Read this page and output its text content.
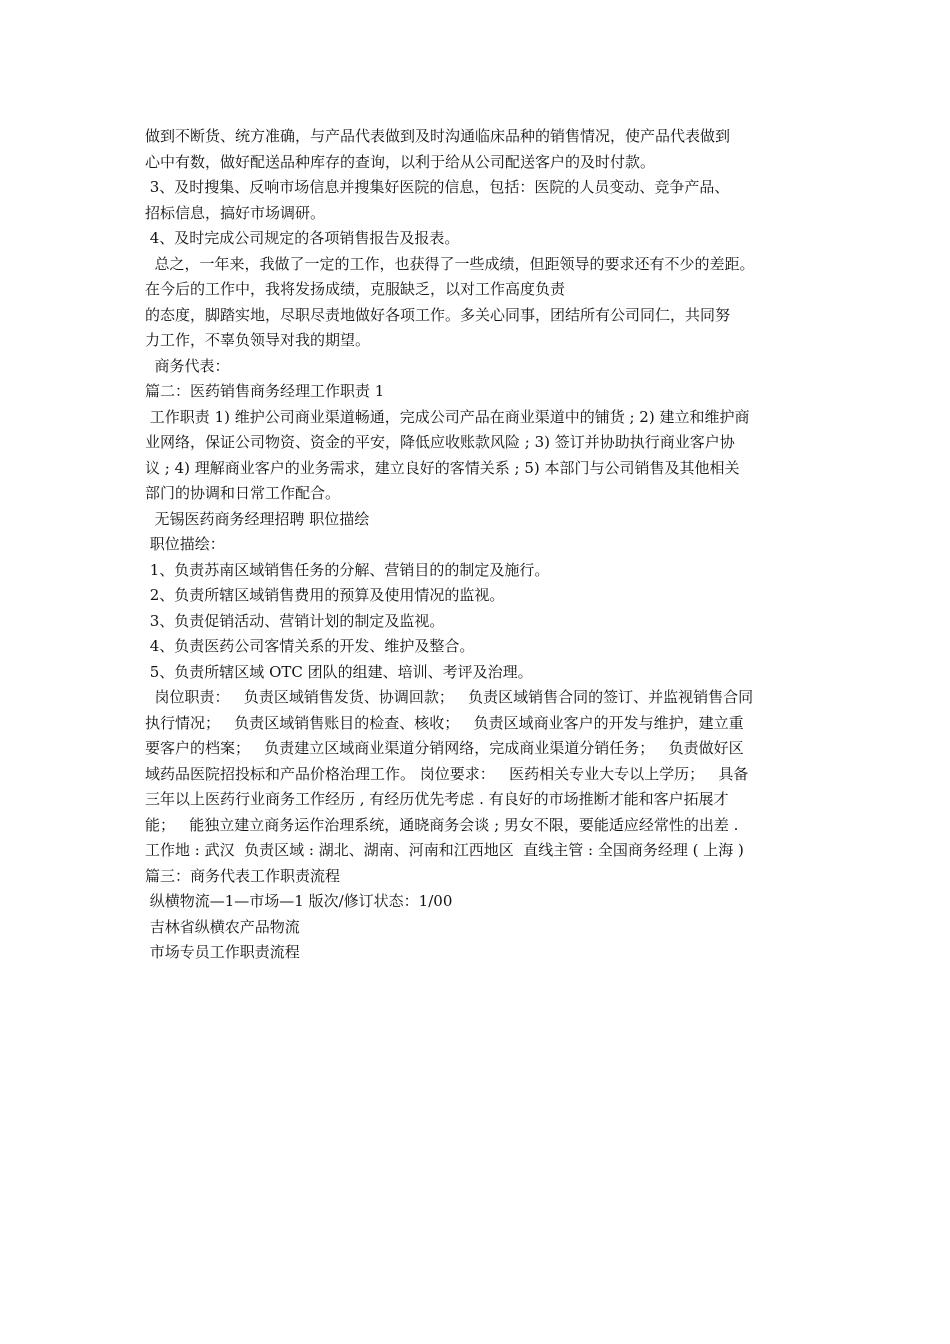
做到不断货、统方准确，与产品代表做到及时沟通临床品种的销售情况，使产品代表做到
心中有数，做好配送品种库存的查询，以利于给从公司配送客户的及时付款。
3、及时搜集、反响市场信息并搜集好医院的信息，包括：医院的人员变动、竞争产品、
招标信息，搞好市场调研。
4、及时完成公司规定的各项销售报告及报表。
总之，一年来，我做了一定的工作，也获得了一些成绩，但距领导的要求还有不少的差距。
在今后的工作中，我将发扬成绩，克服缺乏，以对工作高度负责
的态度，脚踏实地，尽职尽责地做好各项工作。多关心同事，团结所有公司同仁，共同努
力工作，不辜负领导对我的期望。
商务代表：
篇二：医药销售商务经理工作职责 1
工作职责 1) 维护公司商业渠道畅通，完成公司产品在商业渠道中的铺货 ; 2) 建立和维护商
业网络，保证公司物资、资金的平安，降低应收账款风险 ; 3) 签订并协助执行商业客户协
议 ; 4) 理解商业客户的业务需求，建立良好的客情关系 ; 5) 本部门与公司销售及其他相关
部门的协调和日常工作配合。
无锡医药商务经理招聘 职位描绘
职位描绘：
1、负责苏南区域销售任务的分解、营销目的的制定及施行。
2、负责所辖区域销售费用的预算及使用情况的监视。
3、负责促销活动、营销计划的制定及监视。
4、负责医药公司客情关系的开发、维护及整合。
5、负责所辖区域 OTC 团队的组建、培训、考评及治理。
岗位职责：   负责区域销售发货、协调回款；   负责区域销售合同的签订、并监视销售合同
执行情况；   负责区域销售账目的检查、核收；   负责区域商业客户的开发与维护，建立重
要客户的档案；   负责建立区域商业渠道分销网络，完成商业渠道分销任务；   负责做好区
域药品医院招投标和产品价格治理工作。 岗位要求：   医药相关专业大专以上学历；   具备
三年以上医药行业商务工作经历 , 有经历优先考虑 . 有良好的市场推断才能和客户拓展才
能；   能独立建立商务运作治理系统，通晓商务会谈 ; 男女不限，要能适应经常性的出差 .
工作地 : 武汉  负责区域 : 湖北、湖南、河南和江西地区  直线主管 : 全国商务经理 ( 上海 )
篇三：商务代表工作职责流程
纵横物流—1—市场—1 版次/修订状态：1/00
吉林省纵横农产品物流
市场专员工作职责流程
